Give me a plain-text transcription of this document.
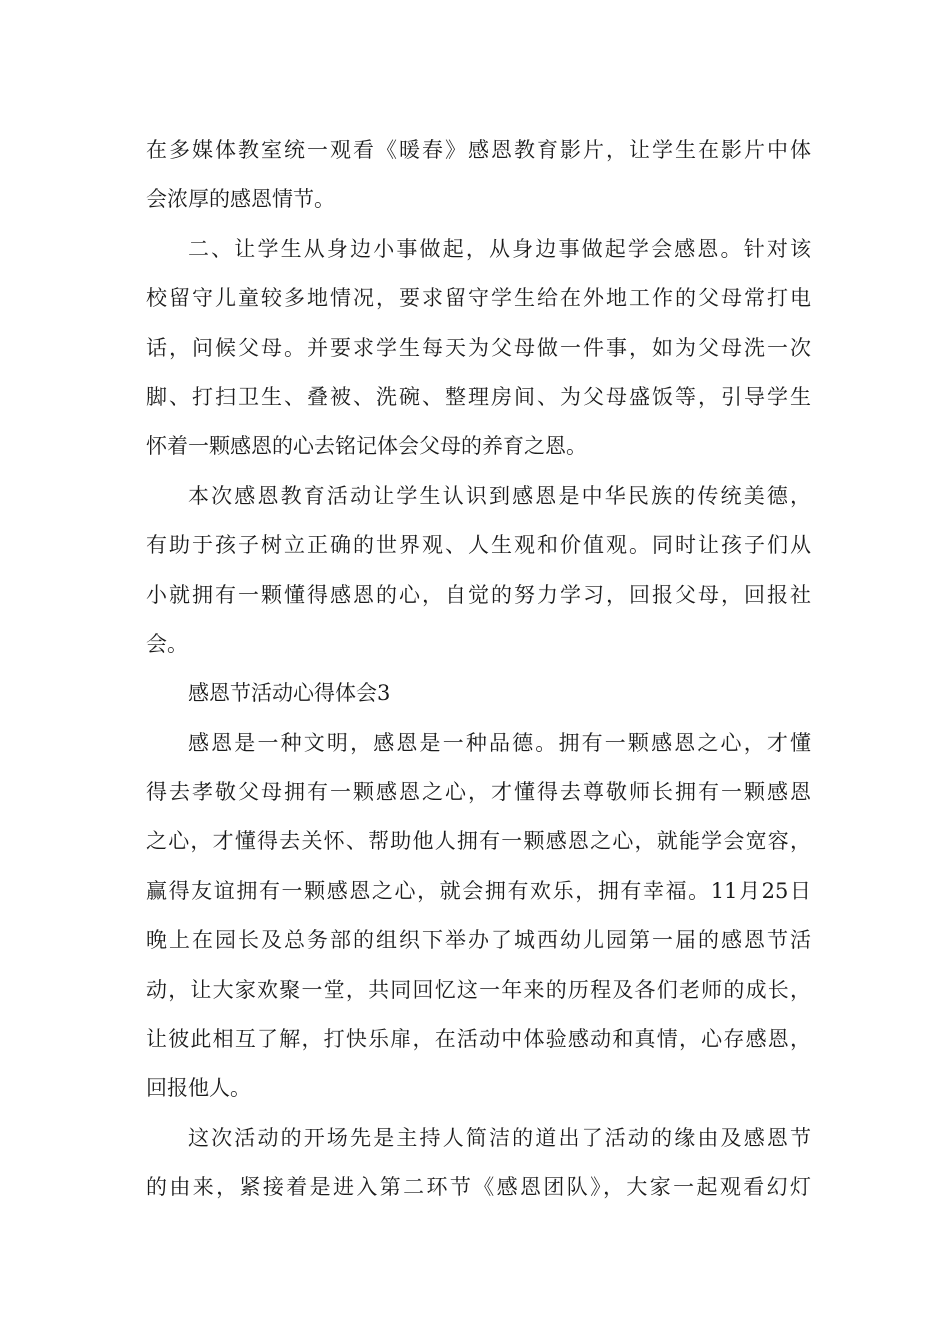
在多媒体教室统一观看《暖春》感恩教育影片，让学生在影片中体
会浓厚的感恩情节。
二、让学生从身边小事做起，从身边事做起学会感恩。针对该
校留守儿童较多地情况，要求留守学生给在外地工作的父母常打电
话，问候父母。并要求学生每天为父母做一件事，如为父母洗一次
脚、打扫卫生、叠被、洗碗、整理房间、为父母盛饭等，引导学生
怀着一颗感恩的心去铭记体会父母的养育之恩。
本次感恩教育活动让学生认识到感恩是中华民族的传统美德，
有助于孩子树立正确的世界观、人生观和价值观。同时让孩子们从
小就拥有一颗懂得感恩的心，自觉的努力学习，回报父母，回报社
会。
感恩节活动心得体会3
感恩是一种文明，感恩是一种品德。拥有一颗感恩之心，才懂
得去孝敬父母拥有一颗感恩之心，才懂得去尊敬师长拥有一颗感恩
之心，才懂得去关怀、帮助他人拥有一颗感恩之心，就能学会宽容，
赢得友谊拥有一颗感恩之心，就会拥有欢乐，拥有幸福。11月25日
晚上在园长及总务部的组织下举办了城西幼儿园第一届的感恩节活
动，让大家欢聚一堂，共同回忆这一年来的历程及各们老师的成长，
让彼此相互了解，打快乐扉，在活动中体验感动和真情，心存感恩，
回报他人。
这次活动的开场先是主持人简洁的道出了活动的缘由及感恩节
的由来，紧接着是进入第二环节《感恩团队》，大家一起观看幻灯
